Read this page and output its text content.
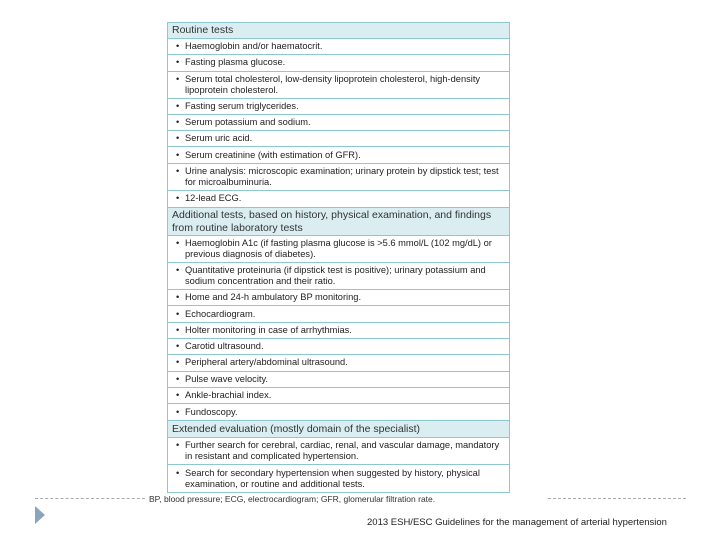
Routine tests
• Haemoglobin and/or haematocrit.
• Fasting plasma glucose.
• Serum total cholesterol, low-density lipoprotein cholesterol, high-density lipoprotein cholesterol.
• Fasting serum triglycerides.
• Serum potassium and sodium.
• Serum uric acid.
• Serum creatinine (with estimation of GFR).
• Urine analysis: microscopic examination; urinary protein by dipstick test; test for microalbuminuria.
• 12-lead ECG.
Additional tests, based on history, physical examination, and findings from routine laboratory tests
• Haemoglobin A1c (if fasting plasma glucose is >5.6 mmol/L (102 mg/dL) or previous diagnosis of diabetes).
• Quantitative proteinuria (if dipstick test is positive); urinary potassium and sodium concentration and their ratio.
• Home and 24-h ambulatory BP monitoring.
• Echocardiogram.
• Holter monitoring in case of arrhythmias.
• Carotid ultrasound.
• Peripheral artery/abdominal ultrasound.
• Pulse wave velocity.
• Ankle-brachial index.
• Fundoscopy.
Extended evaluation (mostly domain of the specialist)
• Further search for cerebral, cardiac, renal, and vascular damage, mandatory in resistant and complicated hypertension.
• Search for secondary hypertension when suggested by history, physical examination, or routine and additional tests.
BP, blood pressure; ECG, electrocardiogram; GFR, glomerular filtration rate.
2013 ESH/ESC Guidelines for the management of arterial hypertension
